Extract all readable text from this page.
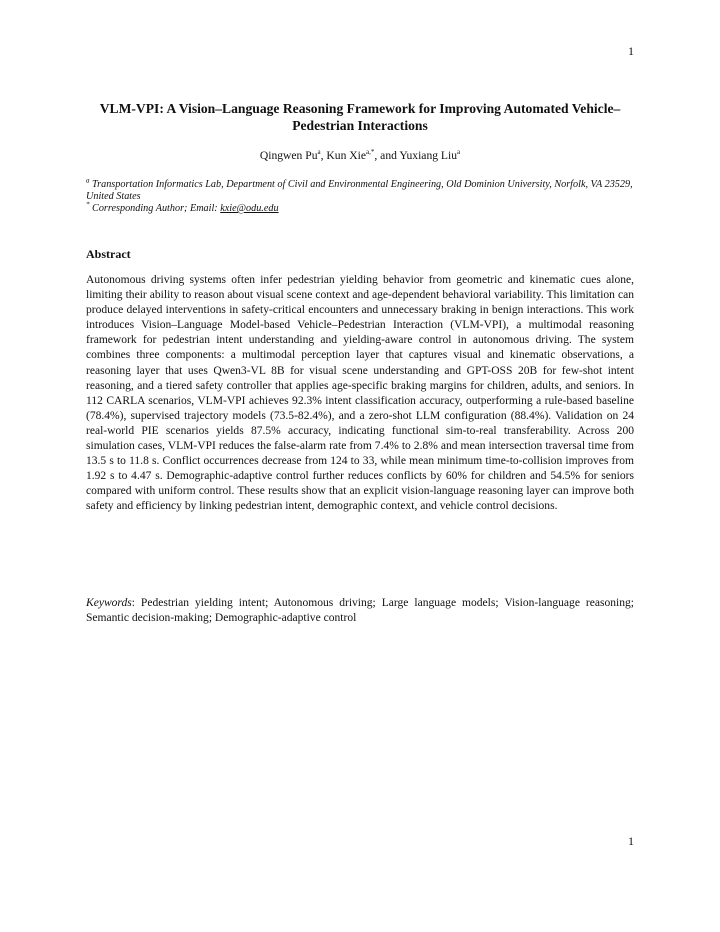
1
VLM-VPI: A Vision–Language Reasoning Framework for Improving Automated Vehicle–Pedestrian Interactions
Qingwen Pu$^a$, Kun Xie$^{a,*}$, and Yuxiang Liu$^a$
$^a$ Transportation Informatics Lab, Department of Civil and Environmental Engineering, Old Dominion University, Norfolk, VA 23529, United States
* Corresponding Author; Email: kxie@odu.edu
Abstract

Autonomous driving systems often infer pedestrian yielding behavior from geometric and kinematic cues alone, limiting their ability to reason about visual scene context and age-dependent behavioral variability. This limitation can produce delayed interventions in safety-critical encounters and unnecessary braking in benign interactions. This work introduces Vision–Language Model-based Vehicle–Pedestrian Interaction (VLM-VPI), a multimodal reasoning framework for pedestrian intent understanding and yielding-aware control in autonomous driving. The system combines three components: a multimodal perception layer that captures visual and kinematic observations, a reasoning layer that uses Qwen3-VL 8B for visual scene understanding and GPT-OSS 20B for few-shot intent reasoning, and a tiered safety controller that applies age-specific braking margins for children, adults, and seniors. In 112 CARLA scenarios, VLM-VPI achieves 92.3% intent classification accuracy, outperforming a rule-based baseline (78.4%), supervised trajectory models (73.5-82.4%), and a zero-shot LLM configuration (88.4%). Validation on 24 real-world PIE scenarios yields 87.5% accuracy, indicating functional sim-to-real transferability. Across 200 simulation cases, VLM-VPI reduces the false-alarm rate from 7.4% to 2.8% and mean intersection traversal time from 13.5 s to 11.8 s. Conflict occurrences decrease from 124 to 33, while mean minimum time-to-collision improves from 1.92 s to 4.47 s. Demographic-adaptive control further reduces conflicts by 60% for children and 54.5% for seniors compared with uniform control. These results show that an explicit vision-language reasoning layer can improve both safety and efficiency by linking pedestrian intent, demographic context, and vehicle control decisions.

Keywords: Pedestrian yielding intent; Autonomous driving; Large language models; Vision-language reasoning; Semantic decision-making; Demographic-adaptive control

1
